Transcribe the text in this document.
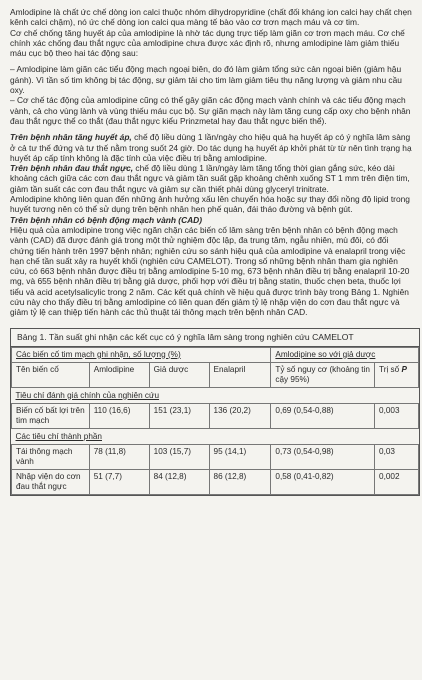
Amlodipine là chất ức chế dòng ion calci thuộc nhóm dihydropyridine (chất đối kháng ion calci hay chất chẹn kênh calci chậm), nó ức chế dòng ion calci qua màng tế bào vào cơ trơn mạch máu và cơ tim.

Cơ chế chống tăng huyết áp của amlodipine là nhờ tác dụng trực tiếp làm giãn cơ trơn mạch máu. Cơ chế chính xác chống đau thắt ngực của amlodipine chưa được xác định rõ, nhưng amlodipine làm giảm thiếu máu cục bộ theo hai tác động sau:

– Amlodipine làm giãn các tiểu động mạch ngoại biên, do đó làm giảm tổng sức cản ngoại biên (giảm hậu gánh). Vì tần số tim không bị tác động, sự giảm tải cho tim làm giảm tiêu thụ năng lượng và giảm nhu cầu oxy.

– Cơ chế tác động của amlodipine cũng có thể gây giãn các động mạch vành chính và các tiểu động mạch vành, cả cho vùng lành và vùng thiếu máu cục bộ. Sự giãn mạch này làm tăng cung cấp oxy cho bệnh nhân đau thắt ngực thể co thắt (đau thắt ngực kiểu Prinzmetal hay đau thắt ngực biến thể).

Trên bệnh nhân tăng huyết áp, chế độ liều dùng 1 lần/ngày cho hiệu quả hạ huyết áp có ý nghĩa lâm sàng ở cả tư thế đứng và tư thế nằm trong suốt 24 giờ. Do tác dụng hạ huyết áp khởi phát từ từ nên tình trạng hạ huyết áp cấp tính không là đặc tính của việc điều trị bằng amlodipine.

Trên bệnh nhân đau thắt ngực, chế độ liều dùng 1 lần/ngày làm tăng tổng thời gian gắng sức, kéo dài khoảng cách giữa các cơn đau thắt ngực và giảm tần suất gặp khoảng chênh xuống ST 1 mm trên điện tim, giảm tần suất các cơn đau thắt ngực và giảm sự cần thiết phải dùng glyceryl trinitrate.

Amlodipine không liên quan đến những ảnh hưởng xấu lên chuyển hóa hoặc sự thay đổi nồng độ lipid trong huyết tương nên có thể sử dụng trên bệnh nhân hen phế quản, đái tháo đường và bệnh gút.

Trên bệnh nhân có bệnh động mạch vành (CAD)

Hiệu quả của amlodipine trong việc ngăn chặn các biến cố lâm sàng trên bệnh nhân có bệnh động mạch vành (CAD) đã được đánh giá trong một thử nghiệm độc lập, đa trung tâm, ngẫu nhiên, mù đôi, có đối chứng tiến hành trên 1997 bệnh nhân; nghiên cứu so sánh hiệu quả của amlodipine và enalapril trong việc hạn chế tần suất xảy ra huyết khối (nghiên cứu CAMELOT). Trong số những bệnh nhân tham gia nghiên cứu, có 663 bệnh nhân được điều trị bằng amlodipine 5-10 mg, 673 bệnh nhân điều trị bằng enalapril 10-20 mg, và 655 bệnh nhân điều trị bằng giả dược, phối hợp với điều trị bằng statin, thuốc chẹn beta, thuốc lợi tiểu và acid acetylsalicylic trong 2 năm. Các kết quả chính về hiệu quả được trình bày trong Bảng 1. Nghiên cứu này cho thấy điều trị bằng amlodipine có liên quan đến giảm tỷ lệ nhập viện do cơn đau thắt ngực và giảm tỷ lệ can thiệp tiến hành các thủ thuật tái thông mạch trên bệnh nhân CAD.

Bảng 1. Tần suất ghi nhận các kết cục có ý nghĩa lâm sàng trong nghiên cứu CAMELOT
Các biến cố tim mạch ghi nhận, số lượng (%)				Amlodipine so với giả dược	
Tên biến cố	Amlodipine	Giả dược	Enalapril	Tỷ số nguy cơ (khoảng tin cậy 95%)	Trị số P
Tiêu chí đánh giá chính của nghiên cứu					
Biến cố bất lợi trên tim mạch	110 (16,6)	151 (23,1)	136 (20,2)	0,69 (0,54-0,88)	0,003
Các tiêu chí thành phần					
Tái thông mạch vành	78 (11,8)	103 (15,7)	95 (14,1)	0,73 (0,54-0,98)	0,03
Nhập viện do cơn đau thắt ngực	51 (7,7)	84 (12,8)	86 (12,8)	0,58 (0,41-0,82)	0,002
